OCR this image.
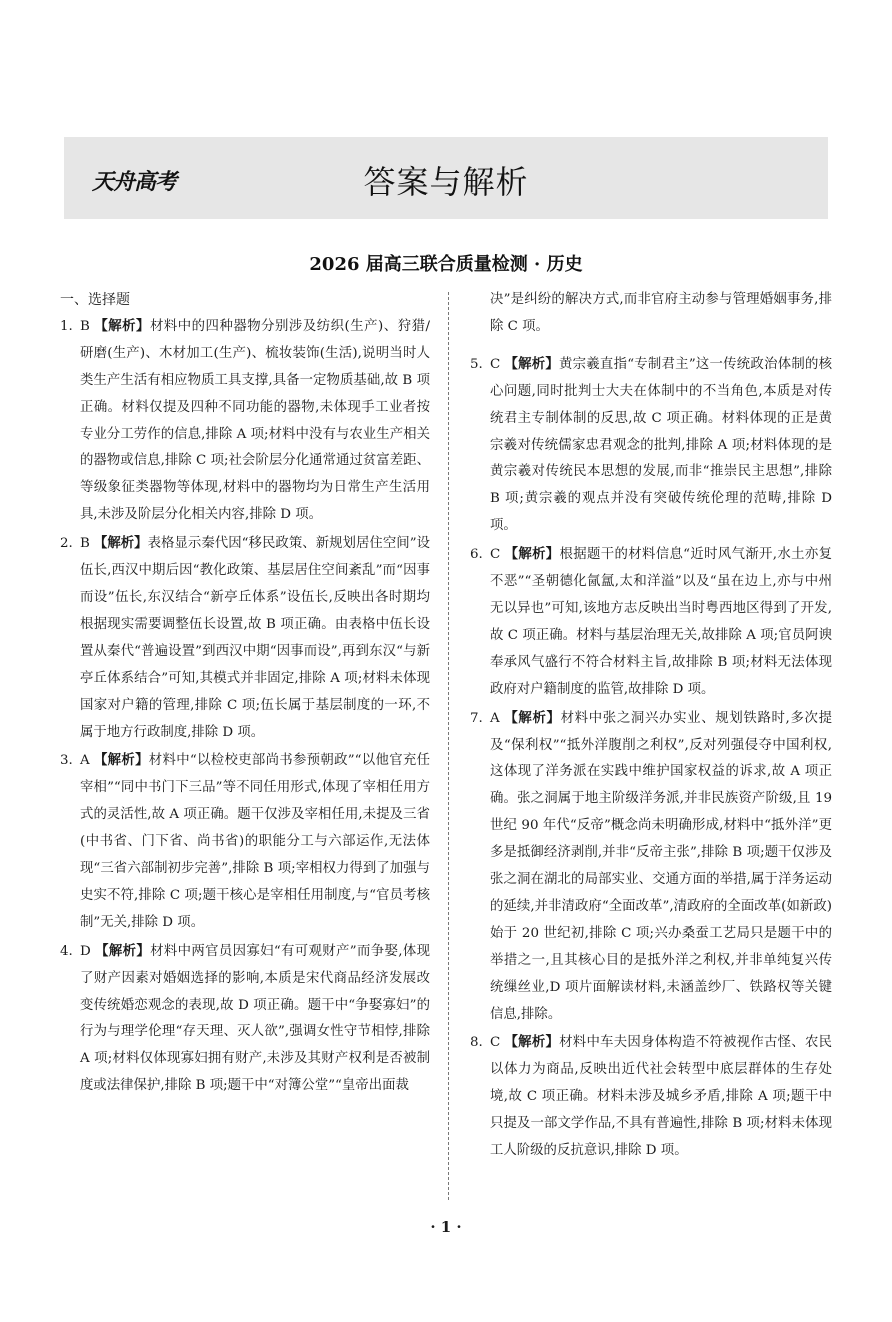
天舟高考	答案与解析
2026 届高三联合质量检测 · 历史
一、选择题
1. B 【解析】材料中的四种器物分别涉及纺织(生产)、狩猎/研磨(生产)、木材加工(生产)、梳妆装饰(生活),说明当时人类生产生活有相应物质工具支撑,具备一定物质基础,故 B 项正确。材料仅提及四种不同功能的器物,未体现手工业者按专业分工劳作的信息,排除 A 项;材料中没有与农业生产相关的器物或信息,排除 C 项;社会阶层分化通常通过贫富差距、等级象征类器物等体现,材料中的器物均为日常生产生活用具,未涉及阶层分化相关内容,排除 D 项。
2. B 【解析】表格显示秦代因“移民政策、新规划居住空间”设伍长,西汉中期后因“教化政策、基层居住空间紊乱”而“因事而设”伍长,东汉结合“新亭丘体系”设伍长,反映出各时期均根据现实需要调整伍长设置,故 B 项正确。由表格中伍长设置从秦代“普遍设置”到西汉中期“因事而设”,再到东汉“与新亭丘体系结合”可知,其模式并非固定,排除 A 项;材料未体现国家对户籍的管理,排除 C 项;伍长属于基层制度的一环,不属于地方行政制度,排除 D 项。
3. A 【解析】材料中“以检校吏部尚书参预朝政”“以他官充任宰相”“同中书门下三品”等不同任用形式,体现了宰相任用方式的灵活性,故 A 项正确。题干仅涉及宰相任用,未提及三省(中书省、门下省、尚书省)的职能分工与六部运作,无法体现“三省六部制初步完善”,排除 B 项;宰相权力得到了加强与史实不符,排除 C 项;题干核心是宰相任用制度,与“官员考核制”无关,排除 D 项。
4. D 【解析】材料中两官员因寡妇“有可观财产”而争娶,体现了财产因素对婚姻选择的影响,本质是宋代商品经济发展改变传统婚恋观念的表现,故 D 项正确。题干中“争娶寡妇”的行为与理学伦理“存天理、灭人欲”,强调女性守节相悖,排除 A 项;材料仅体现寡妇拥有财产,未涉及其财产权利是否被制度或法律保护,排除 B 项;题干中“对簿公堂”“皇帝出面裁
决”是纠纷的解决方式,而非官府主动参与管理婚姻事务,排除 C 项。
5. C 【解析】黄宗羲直指“专制君主”这一传统政治体制的核心问题,同时批判士大夫在体制中的不当角色,本质是对传统君主专制体制的反思,故 C 项正确。材料体现的正是黄宗羲对传统儒家忠君观念的批判,排除 A 项;材料体现的是黄宗羲对传统民本思想的发展,而非“推崇民主思想”,排除 B 项;黄宗羲的观点并没有突破传统伦理的范畴,排除 D 项。
6. C 【解析】根据题干的材料信息“近时风气渐开,水土亦复不恶”“圣朝德化氤氲,太和洋溢”以及“虽在边上,亦与中州无以异也”可知,该地方志反映出当时粤西地区得到了开发,故 C 项正确。材料与基层治理无关,故排除 A 项;官员阿谀奉承风气盛行不符合材料主旨,故排除 B 项;材料无法体现政府对户籍制度的监管,故排除 D 项。
7. A 【解析】材料中张之洞兴办实业、规划铁路时,多次提及“保利权”“抵外洋腹削之利权”,反对列强侵夺中国利权,这体现了洋务派在实践中维护国家权益的诉求,故 A 项正确。张之洞属于地主阶级洋务派,并非民族资产阶级,且 19 世纪 90 年代“反帝”概念尚未明确形成,材料中“抵外洋”更多是抵御经济剥削,并非“反帝主张”,排除 B 项;题干仅涉及张之洞在湖北的局部实业、交通方面的举措,属于洋务运动的延续,并非清政府“全面改革”,清政府的全面改革(如新政)始于 20 世纪初,排除 C 项;兴办桑蚕工艺局只是题干中的举措之一,且其核心目的是抵外洋之利权,并非单纯复兴传统缫丝业,D 项片面解读材料,未涵盖纱厂、铁路权等关键信息,排除。
8. C 【解析】材料中车夫因身体构造不符被视作古怪、农民以体力为商品,反映出近代社会转型中底层群体的生存处境,故 C 项正确。材料未涉及城乡矛盾,排除 A 项;题干中只提及一部文学作品,不具有普遍性,排除 B 项;材料未体现工人阶级的反抗意识,排除 D 项。
· 1 ·
